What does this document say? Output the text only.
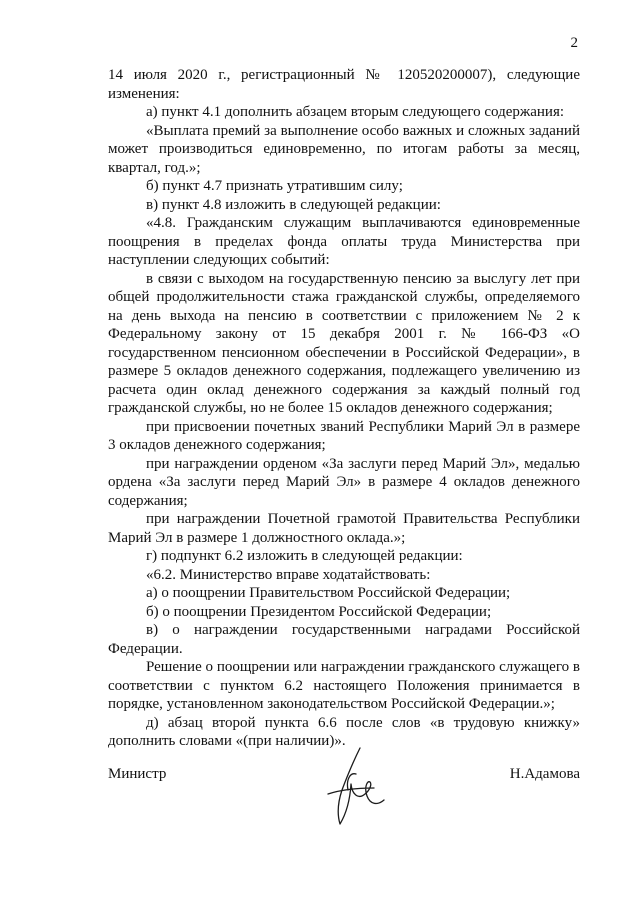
2

14 июля 2020 г., регистрационный № 120520200007), следующие изменения:

а) пункт 4.1 дополнить абзацем вторым следующего содержания:

«Выплата премий за выполнение особо важных и сложных заданий может производиться единовременно, по итогам работы за месяц, квартал, год.»;

б) пункт 4.7 признать утратившим силу;

в) пункт 4.8 изложить в следующей редакции:

«4.8. Гражданским служащим выплачиваются единовременные поощрения в пределах фонда оплаты труда Министерства при наступлении следующих событий:

в связи с выходом на государственную пенсию за выслугу лет при общей продолжительности стажа гражданской службы, определяемого на день выхода на пенсию в соответствии с приложением № 2 к Федеральному закону от 15 декабря 2001 г. № 166-ФЗ «О государственном пенсионном обеспечении в Российской Федерации», в размере 5 окладов денежного содержания, подлежащего увеличению из расчета один оклад денежного содержания за каждый полный год гражданской службы, но не более 15 окладов денежного содержания;

при присвоении почетных званий Республики Марий Эл в размере 3 окладов денежного содержания;

при награждении орденом «За заслуги перед Марий Эл», медалью ордена «За заслуги перед Марий Эл» в размере 4 окладов денежного содержания;

при награждении Почетной грамотой Правительства Республики Марий Эл в размере 1 должностного оклада.»;

г) подпункт 6.2 изложить в следующей редакции:

«6.2. Министерство вправе ходатайствовать:

а) о поощрении Правительством Российской Федерации;

б) о поощрении Президентом Российской Федерации;

в) о награждении государственными наградами Российской Федерации.

Решение о поощрении или награждении гражданского служащего в соответствии с пунктом 6.2 настоящего Положения принимается в порядке, установленном законодательством Российской Федерации.»;

д) абзац второй пункта 6.6 после слов «в трудовую книжку» дополнить словами «(при наличии)».

Министр	Н.Адамова
